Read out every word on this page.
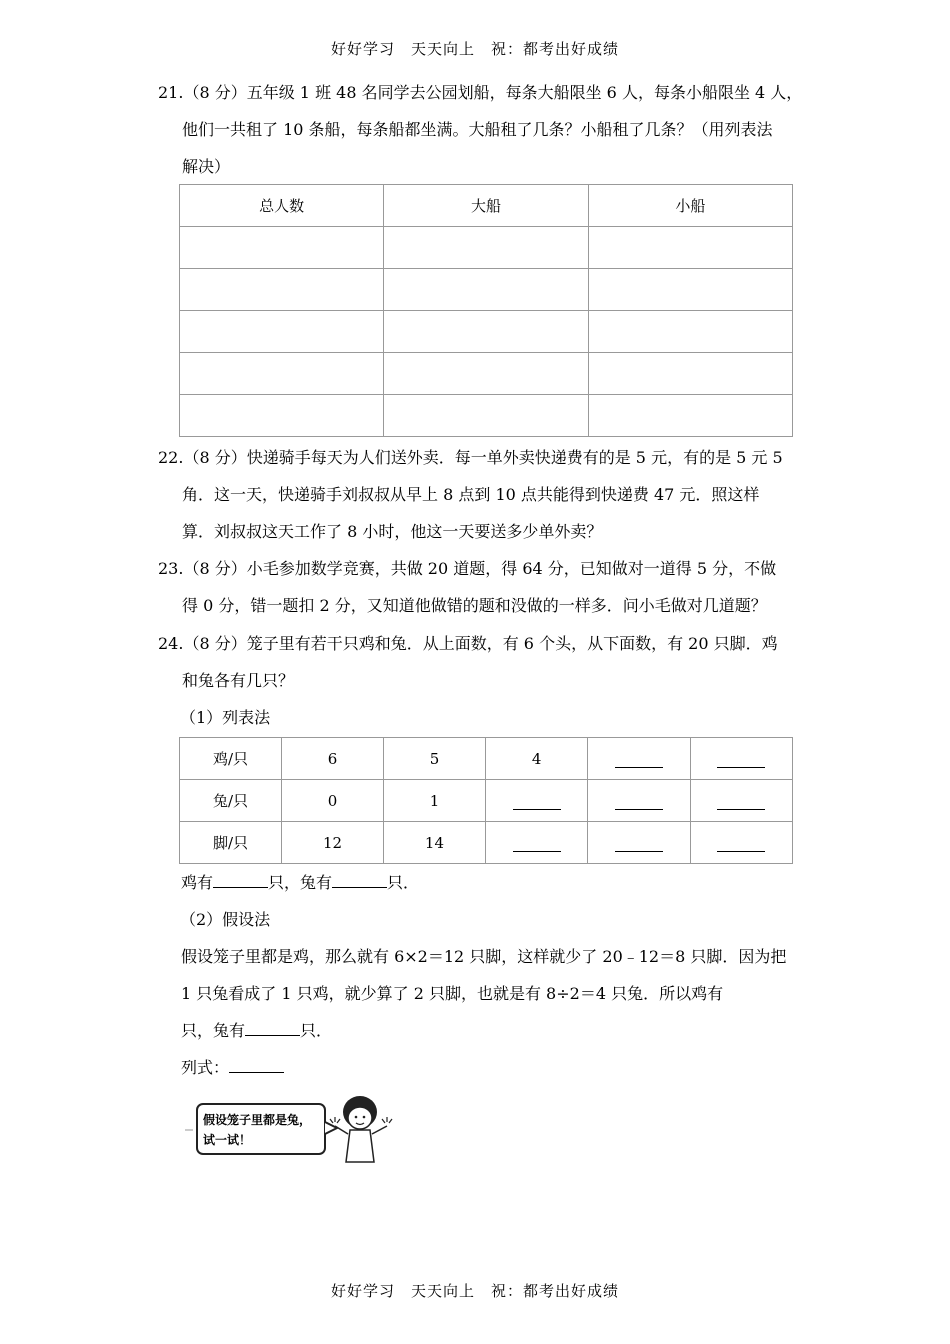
好好学习　天天向上　祝：都考出好成绩
21.（8 分）五年级 1 班 48 名同学去公园划船，每条大船限坐 6 人，每条小船限坐 4 人，
他们一共租了 10 条船，每条船都坐满。大船租了几条？小船租了几条？（用列表法
解决）
总人数	大船	小船

22.（8 分）快递骑手每天为人们送外卖．每一单外卖快递费有的是 5 元，有的是 5 元 5
角．这一天，快递骑手刘叔叔从早上 8 点到 10 点共能得到快递费 47 元．照这样
算．刘叔叔这天工作了 8 小时，他这一天要送多少单外卖？
23.（8 分）小毛参加数学竞赛，共做 20 道题，得 64 分，已知做对一道得 5 分，不做
得 0 分，错一题扣 2 分，又知道他做错的题和没做的一样多．问小毛做对几道题？
24.（8 分）笼子里有若干只鸡和兔．从上面数，有 6 个头，从下面数，有 20 只脚．鸡
和兔各有几只？
（1）列表法
鸡/只	6	5	4		
兔/只	0	1			
脚/只	12	14			
鸡有	只，兔有	只．
（2）假设法
假设笼子里都是鸡，那么就有 6×2＝12 只脚，这样就少了 20﹣12＝8 只脚．因为把
1 只兔看成了 1 只鸡，就少算了 2 只脚，也就是有 8÷2＝4 只兔．所以鸡有
只，兔有	只．
列式：
假设笼子里都是兔，
试一试！
好好学习　天天向上　祝：都考出好成绩
